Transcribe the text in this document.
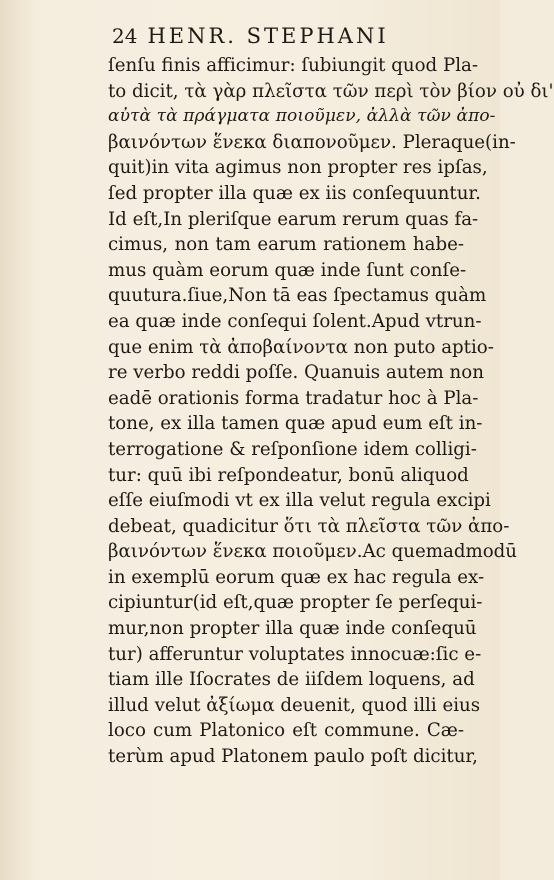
24 HENR. STEPHANI
ſenſu finis afficimur: ſubiungit quod Pla-
to dicit, τὰ γὰρ πλεῖστα τῶν περὶ τὸν βίον οὐ δι'
αὐτὰ τὰ πράγματα ποιοῦμεν, ἀλλὰ τῶν ἀπο-
βαινόντων ἕνεκα διαπονοῦμεν. Pleraque(in-
quit)in vita agimus non propter res ipſas,
ſed propter illa quæ ex iis conſequuntur.
Id eſt,In pleriſque earum rerum quas fa-
cimus, non tam earum rationem habe-
mus quàm eorum quæ inde ſunt conſe-
quutura.ſiue,Non tā eas ſpectamus quàm
ea quæ inde conſequi ſolent.Apud vtrun-
que enim τὰ ἀποβαίνοντα non puto aptio-
re verbo reddi poſſe. Quanuis autem non
eadē orationis forma tradatur hoc à Pla-
tone, ex illa tamen quæ apud eum eſt in-
terrogatione & reſponſione idem colligi-
tur: quū ibi reſpondeatur, bonū aliquod
eſſe eiuſmodi vt ex illa velut regula excipi
debeat, quadicitur ὅτι τὰ πλεῖστα τῶν ἀπο-
βαινόντων ἕνεκα ποιοῦμεν.Ac quemadmodū
in exemplū eorum quæ ex hac regula ex-
cipiuntur(id eſt,quæ propter ſe perſequi-
mur,non propter illa quæ inde conſequū
tur) afferuntur voluptates innocuæ:ſic e-
tiam ille Iſocrates de iiſdem loquens, ad
illud velut ἀξίωμα deuenit, quod illi eius
loco cum Platonico eſt commune. Cæ-
terùm apud Platonem paulo poſt dicitur,
